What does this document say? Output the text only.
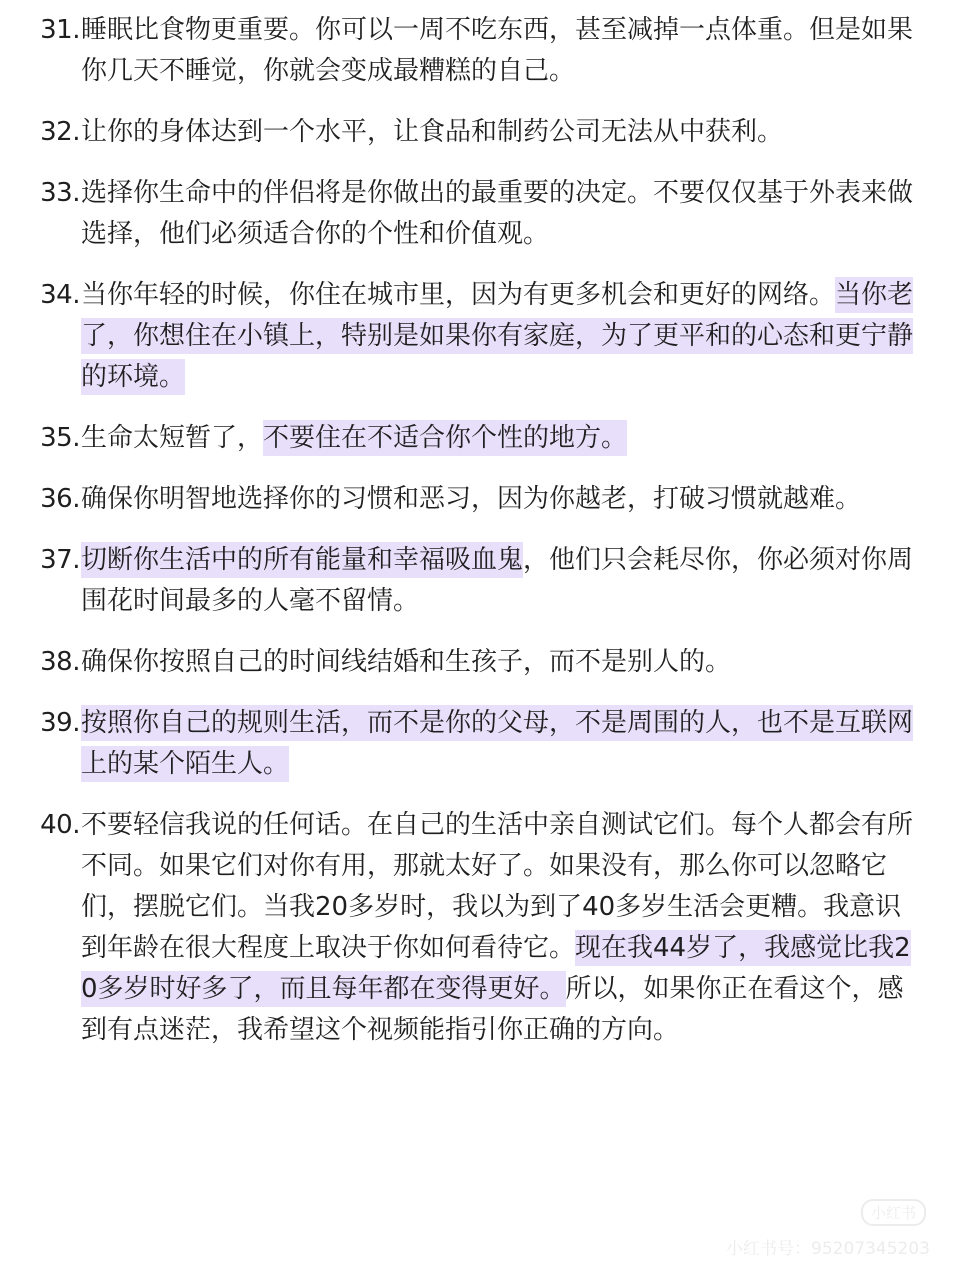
31. 睡眠比食物更重要。你可以一周不吃东西，甚至减掉一点体重。但是如果你几天不睡觉，你就会变成最糟糕的自己。
32. 让你的身体达到一个水平，让食品和制药公司无法从中获利。
33. 选择你生命中的伴侣将是你做出的最重要的决定。不要仅仅基于外表来做选择，他们必须适合你的个性和价值观。
34. 当你年轻的时候，你住在城市里，因为有更多机会和更好的网络。当你老了，你想住在小镇上，特别是如果你有家庭，为了更平和的心态和更宁静的环境。
35. 生命太短暂了，不要住在不适合你个性的地方。
36. 确保你明智地选择你的习惯和恶习，因为你越老，打破习惯就越难。
37. 切断你生活中的所有能量和幸福吸血鬼，他们只会耗尽你，你必须对你周围花时间最多的人毫不留情。
38. 确保你按照自己的时间线结婚和生孩子，而不是别人的。
39. 按照你自己的规则生活，而不是你的父母，不是周围的人，也不是互联网上的某个陌生人。
40. 不要轻信我说的任何话。在自己的生活中亲自测试它们。每个人都会有所不同。如果它们对你有用，那就太好了。如果没有，那么你可以忽略它们，摆脱它们。当我20多岁时，我以为到了40多岁生活会更糟。我意识到年龄在很大程度上取决于你如何看待它。现在我44岁了，我感觉比我20多岁时好多了，而且每年都在变得更好。所以，如果你正在看这个，感到有点迷茫，我希望这个视频能指引你正确的方向。
小红书
小红书号：95207345203
